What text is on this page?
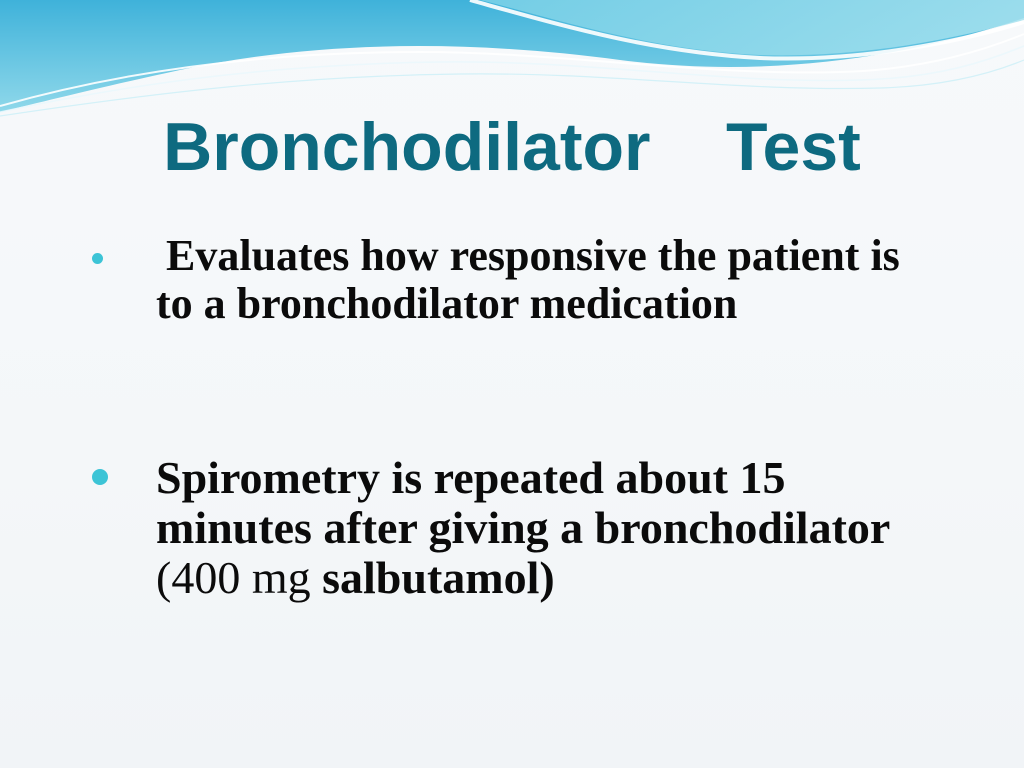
Bronchodilator    Test
Evaluates how responsive the patient is to a bronchodilator medication
Spirometry is repeated about 15 minutes after giving a bronchodilator (400 mg salbutamol)
